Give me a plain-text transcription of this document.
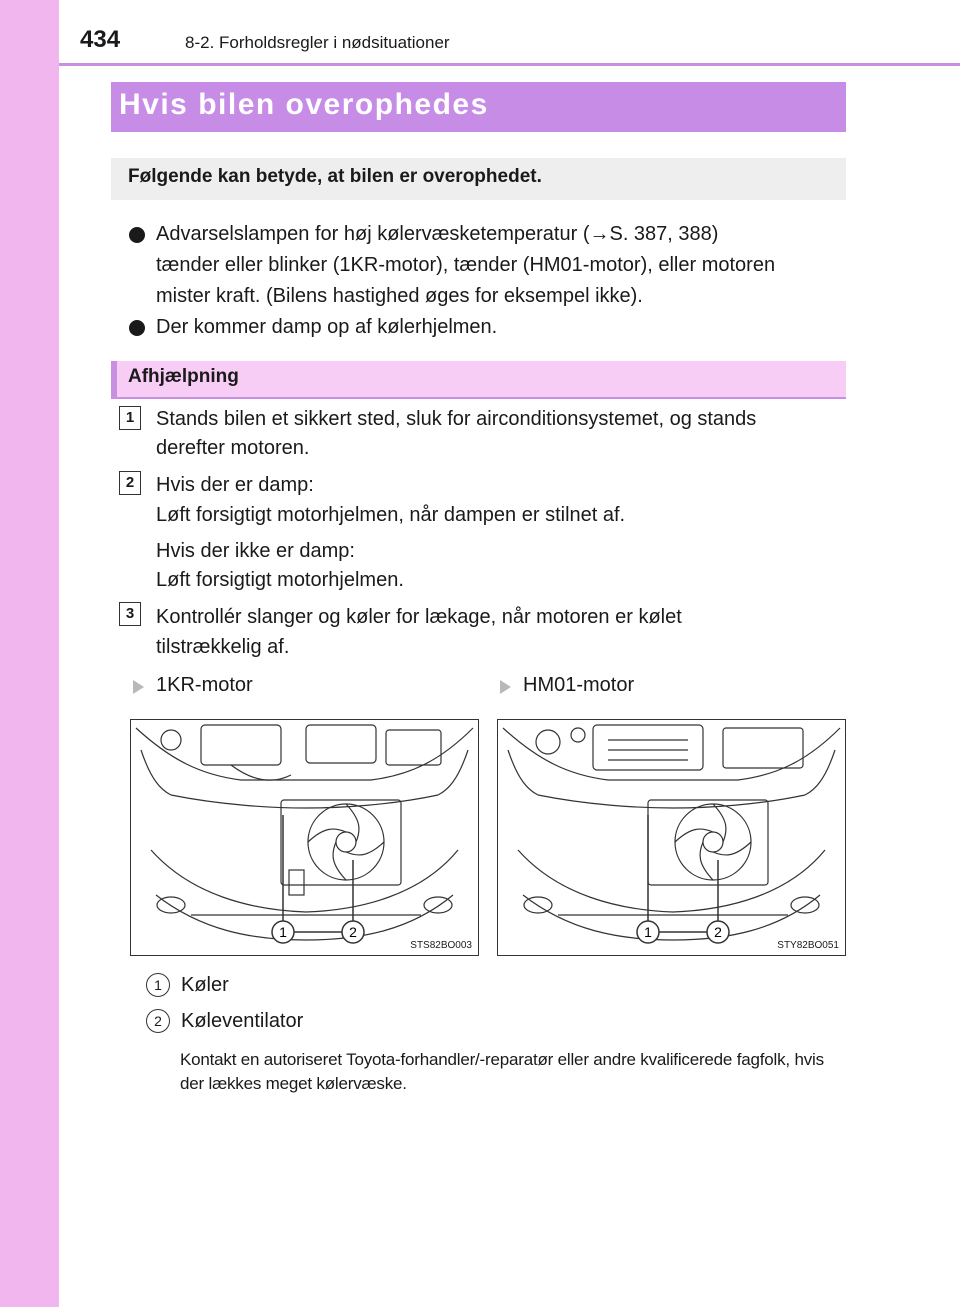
434	8-2. Forholdsregler i nødsituationer
Hvis bilen overophedes
Følgende kan betyde, at bilen er overophedet.
Advarselslampen for høj kølervæsketemperatur (→S. 387, 388)
tænder eller blinker (1KR-motor), tænder (HM01-motor), eller motoren
mister kraft. (Bilens hastighed øges for eksempel ikke).
Der kommer damp op af kølerhjelmen.
Afhjælpning
1	Stands bilen et sikkert sted, sluk for airconditionsystemet, og stands
derefter motoren.
2	Hvis der er damp:
Løft forsigtigt motorhjelmen, når dampen er stilnet af.
Hvis der ikke er damp:
Løft forsigtigt motorhjelmen.
3	Kontrollér slanger og køler for lækage, når motoren er kølet
tilstrækkelig af.
1KR-motor	HM01-motor
1	2
STS82BO003
1	2
STY82BO051
1 Køler
2 Køleventilator
Kontakt en autoriseret Toyota-forhandler/-reparatør eller andre kvalificerede fagfolk, hvis der lækkes meget kølervæske.
